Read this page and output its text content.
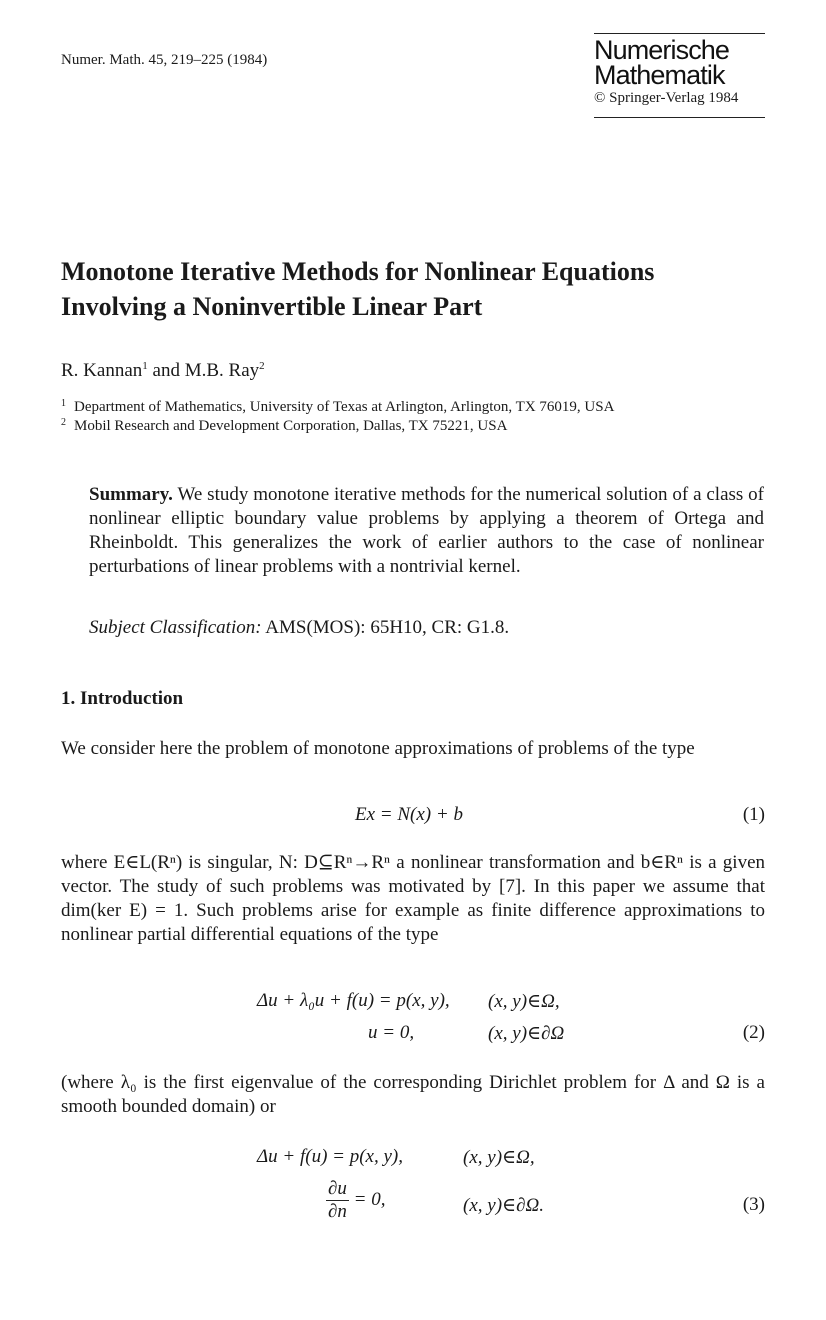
Numer. Math. 45, 219–225 (1984)	Numerische
Mathematik
© Springer-Verlag 1984
Monotone Iterative Methods for Nonlinear Equations
Involving a Noninvertible Linear Part
R. Kannan$^1$ and M.B. Ray$^2$
$^1$ Department of Mathematics, University of Texas at Arlington, Arlington, TX 76019, USA
$^2$ Mobil Research and Development Corporation, Dallas, TX 75221, USA
Summary. We study monotone iterative methods for the numerical solution of a class of nonlinear elliptic boundary value problems by applying a theorem of Ortega and Rheinboldt. This generalizes the work of earlier authors to the case of nonlinear perturbations of linear problems with a nontrivial kernel.
Subject Classification: AMS(MOS): 65H10, CR: G1.8.
1. Introduction
We consider here the problem of monotone approximations of problems of the type
Ex = N(x) + b	(1)
where E∈L(Rⁿ) is singular, N: D⊆Rⁿ→Rⁿ a nonlinear transformation and b∈Rⁿ is a given vector. The study of such problems was motivated by [7]. In this paper we assume that dim(ker E) = 1. Such problems arise for example as finite difference approximations to nonlinear partial differential equations of the type
Δu + λ₀u + f(u) = p(x, y), (x, y)∈Ω,
u = 0,	(x, y)∈∂Ω	(2)
(where λ₀ is the first eigenvalue of the corresponding Dirichlet problem for Δ and Ω is a smooth bounded domain) or
Δu + f(u) = p(x, y),	(x, y)∈Ω,
$\frac{\partial u}{\partial n} = 0$,	(x, y)∈∂Ω.	(3)
